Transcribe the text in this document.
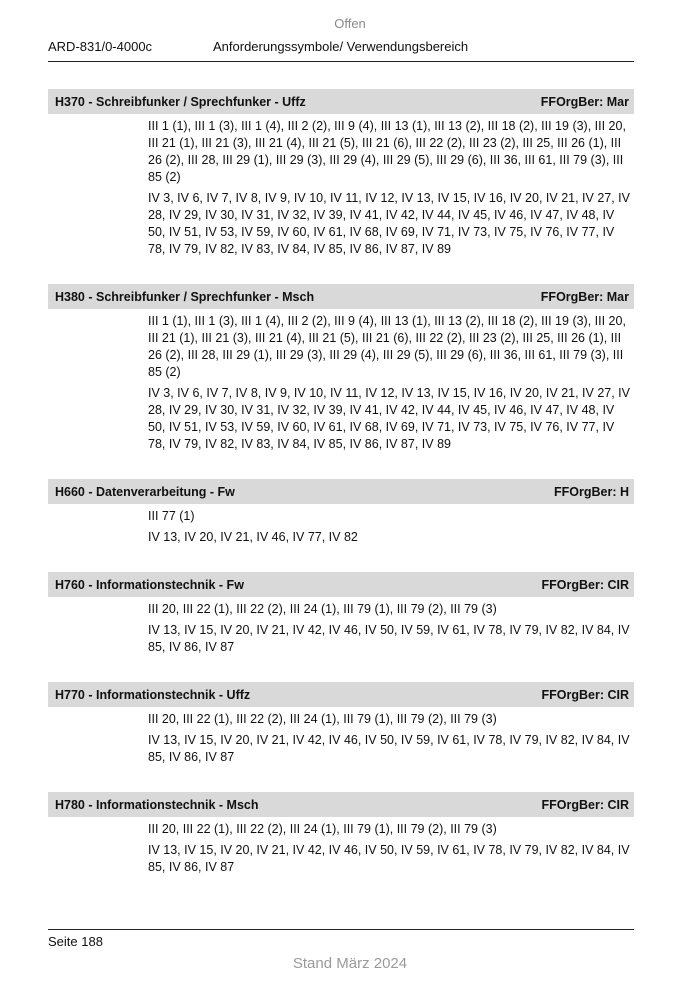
Offen
ARD-831/0-4000c	Anforderungssymbole/ Verwendungsbereich
H370 - Schreibfunker / Sprechfunker - Uffz	FFOrgBer: Mar

III 1 (1), III 1 (3), III 1 (4), III 2 (2), III 9 (4), III 13 (1), III 13 (2), III 18 (2), III 19 (3), III 20, III 21 (1), III 21 (3), III 21 (4), III 21 (5), III 21 (6), III 22 (2), III 23 (2), III 25, III 26 (1), III 26 (2), III 28, III 29 (1), III 29 (3), III 29 (4), III 29 (5), III 29 (6), III 36, III 61, III 79 (3), III 85 (2)

IV 3, IV 6, IV 7, IV 8, IV 9, IV 10, IV 11, IV 12, IV 13, IV 15, IV 16, IV 20, IV 21, IV 27, IV 28, IV 29, IV 30, IV 31, IV 32, IV 39, IV 41, IV 42, IV 44, IV 45, IV 46, IV 47, IV 48, IV 50, IV 51, IV 53, IV 59, IV 60, IV 61, IV 68, IV 69, IV 71, IV 73, IV 75, IV 76, IV 77, IV 78, IV 79, IV 82, IV 83, IV 84, IV 85, IV 86, IV 87, IV 89

H380 - Schreibfunker / Sprechfunker - Msch	FFOrgBer: Mar

III 1 (1), III 1 (3), III 1 (4), III 2 (2), III 9 (4), III 13 (1), III 13 (2), III 18 (2), III 19 (3), III 20, III 21 (1), III 21 (3), III 21 (4), III 21 (5), III 21 (6), III 22 (2), III 23 (2), III 25, III 26 (1), III 26 (2), III 28, III 29 (1), III 29 (3), III 29 (4), III 29 (5), III 29 (6), III 36, III 61, III 79 (3), III 85 (2)

IV 3, IV 6, IV 7, IV 8, IV 9, IV 10, IV 11, IV 12, IV 13, IV 15, IV 16, IV 20, IV 21, IV 27, IV 28, IV 29, IV 30, IV 31, IV 32, IV 39, IV 41, IV 42, IV 44, IV 45, IV 46, IV 47, IV 48, IV 50, IV 51, IV 53, IV 59, IV 60, IV 61, IV 68, IV 69, IV 71, IV 73, IV 75, IV 76, IV 77, IV 78, IV 79, IV 82, IV 83, IV 84, IV 85, IV 86, IV 87, IV 89

H660 - Datenverarbeitung - Fw	FFOrgBer: H

III 77 (1)

IV 13, IV 20, IV 21, IV 46, IV 77, IV 82

H760 - Informationstechnik - Fw	FFOrgBer: CIR

III 20, III 22 (1), III 22 (2), III 24 (1), III 79 (1), III 79 (2), III 79 (3)

IV 13, IV 15, IV 20, IV 21, IV 42, IV 46, IV 50, IV 59, IV 61, IV 78, IV 79, IV 82, IV 84, IV 85, IV 86, IV 87

H770 - Informationstechnik - Uffz	FFOrgBer: CIR

III 20, III 22 (1), III 22 (2), III 24 (1), III 79 (1), III 79 (2), III 79 (3)

IV 13, IV 15, IV 20, IV 21, IV 42, IV 46, IV 50, IV 59, IV 61, IV 78, IV 79, IV 82, IV 84, IV 85, IV 86, IV 87

H780 - Informationstechnik - Msch	FFOrgBer: CIR

III 20, III 22 (1), III 22 (2), III 24 (1), III 79 (1), III 79 (2), III 79 (3)

IV 13, IV 15, IV 20, IV 21, IV 42, IV 46, IV 50, IV 59, IV 61, IV 78, IV 79, IV 82, IV 84, IV 85, IV 86, IV 87

Seite 188
Stand März 2024
